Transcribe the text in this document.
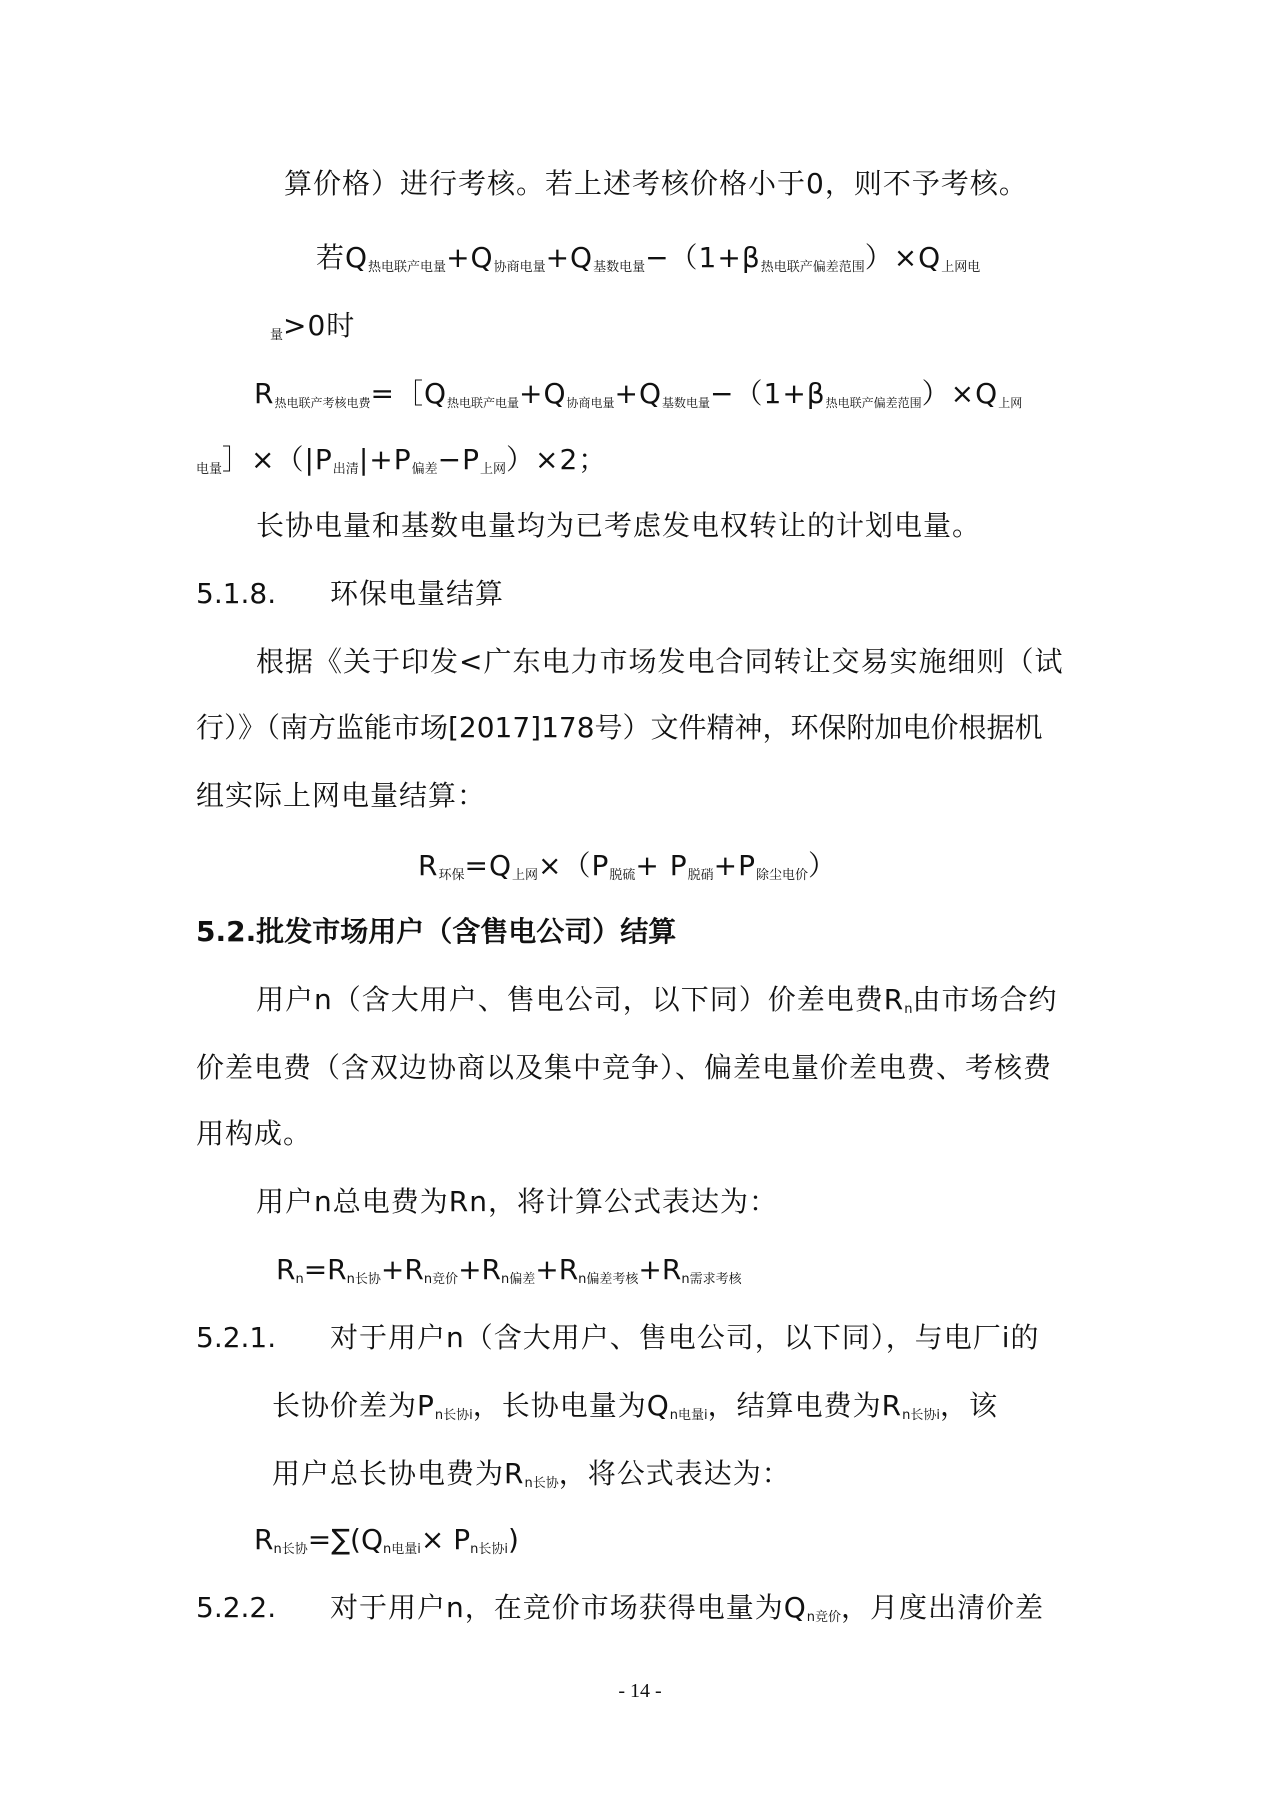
算价格）进行考核。若上述考核价格小于0，则不予考核。
若$Q_{热电联产电量}+Q_{协商电量}+Q_{基数电量}-(1+\beta_{热电联产偏差范围})\times Q_{上网电}$
$_量$>0时
R热电联产考核电费=［Q热电联产电量+Q协商电量+Q基数电量−（1+β热电联产偏差范围）×Q上网
$_{电量}]\times(|P_{出清}|+P_{偏差}-P_{上网})\times 2$；
长协电量和基数电量均为已考虑发电权转让的计划电量。
5.1.8. 环保电量结算
根据《关于印发<广东电力市场发电合同转让交易实施细则（试
行）》（南方监能市场[2017]178号）文件精神，环保附加电价根据机
组实际上网电量结算：
$R_{环保}=Q_{上网}\times(P_{脱硫}+ P_{脱硝}+P_{除尘电价})$
5.2.批发市场用户（含售电公司）结算
用户n（含大用户、售电公司，以下同）价差电费$R_n$由市场合约
价差电费（含双边协商以及集中竞争）、偏差电量价差电费、考核费
用构成。
用户n总电费为Rn，将计算公式表达为：
$R_n=R_{n长协}+R_{n竞价}+R_{n偏差}+R_{n偏差考核}+R_{n需求考核}$
5.2.1. 对于用户n（含大用户、售电公司，以下同），与电厂i的
长协价差为$P_{n长协i}$，长协电量为$Q_{n电量i}$，结算电费为$R_{n长协i}$，该
用户总长协电费为$R_{n长协}$，将公式表达为：
$R_{n长协}=\sum(Q_{n电量i}\times P_{n长协i})$
5.2.2. 对于用户n，在竞价市场获得电量为$Q_{n竞价}$，月度出清价差
- 14 -
